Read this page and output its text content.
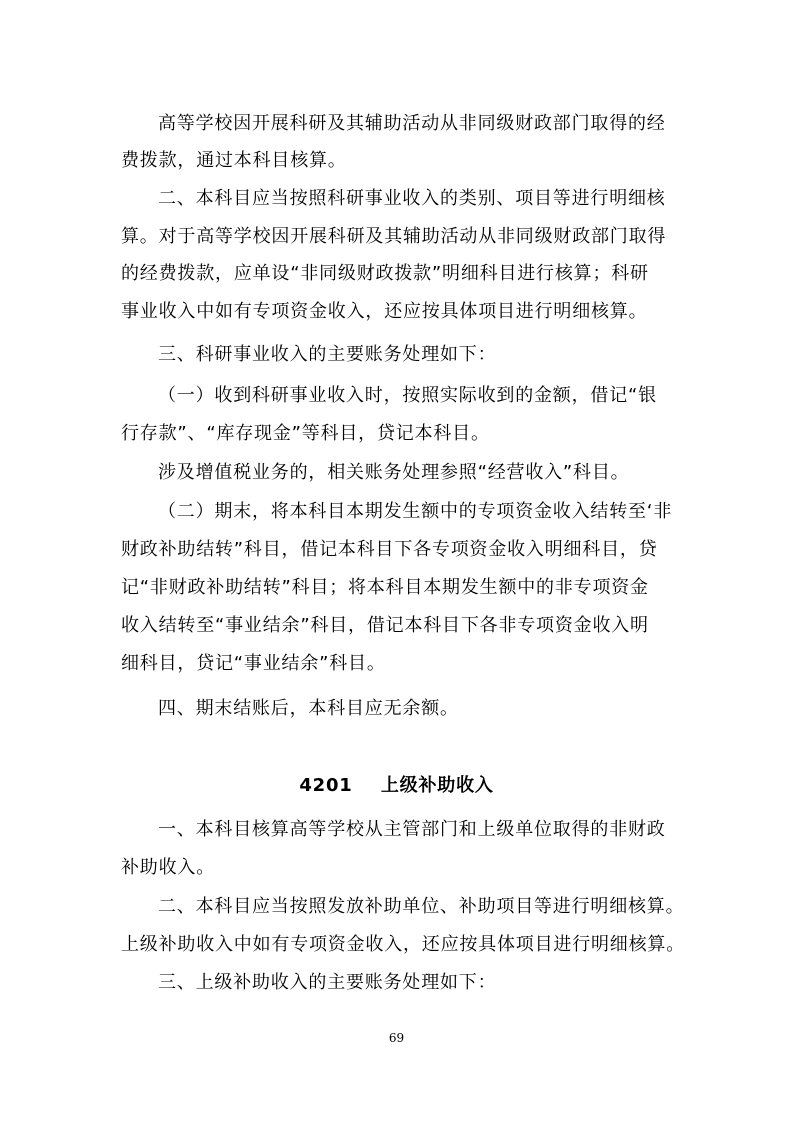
高等学校因开展科研及其辅助活动从非同级财政部门取得的经
费拨款，通过本科目核算。
二、本科目应当按照科研事业收入的类别、项目等进行明细核
算。对于高等学校因开展科研及其辅助活动从非同级财政部门取得
的经费拨款，应单设“非同级财政拨款”明细科目进行核算；科研
事业收入中如有专项资金收入，还应按具体项目进行明细核算。
三、科研事业收入的主要账务处理如下：
（一）收到科研事业收入时，按照实际收到的金额，借记“银
行存款”、“库存现金”等科目，贷记本科目。
涉及增值税业务的，相关账务处理参照“经营收入”科目。
（二）期末，将本科目本期发生额中的专项资金收入结转至‘非
财政补助结转”科目，借记本科目下各专项资金收入明细科目，贷
记“非财政补助结转”科目；将本科目本期发生额中的非专项资金
收入结转至“事业结余”科目，借记本科目下各非专项资金收入明
细科目，贷记“事业结余”科目。
四、期末结账后，本科目应无余额。
4201    上级补助收入
一、本科目核算高等学校从主管部门和上级单位取得的非财政
补助收入。
二、本科目应当按照发放补助单位、补助项目等进行明细核算。
上级补助收入中如有专项资金收入，还应按具体项目进行明细核算。
三、上级补助收入的主要账务处理如下：
69
